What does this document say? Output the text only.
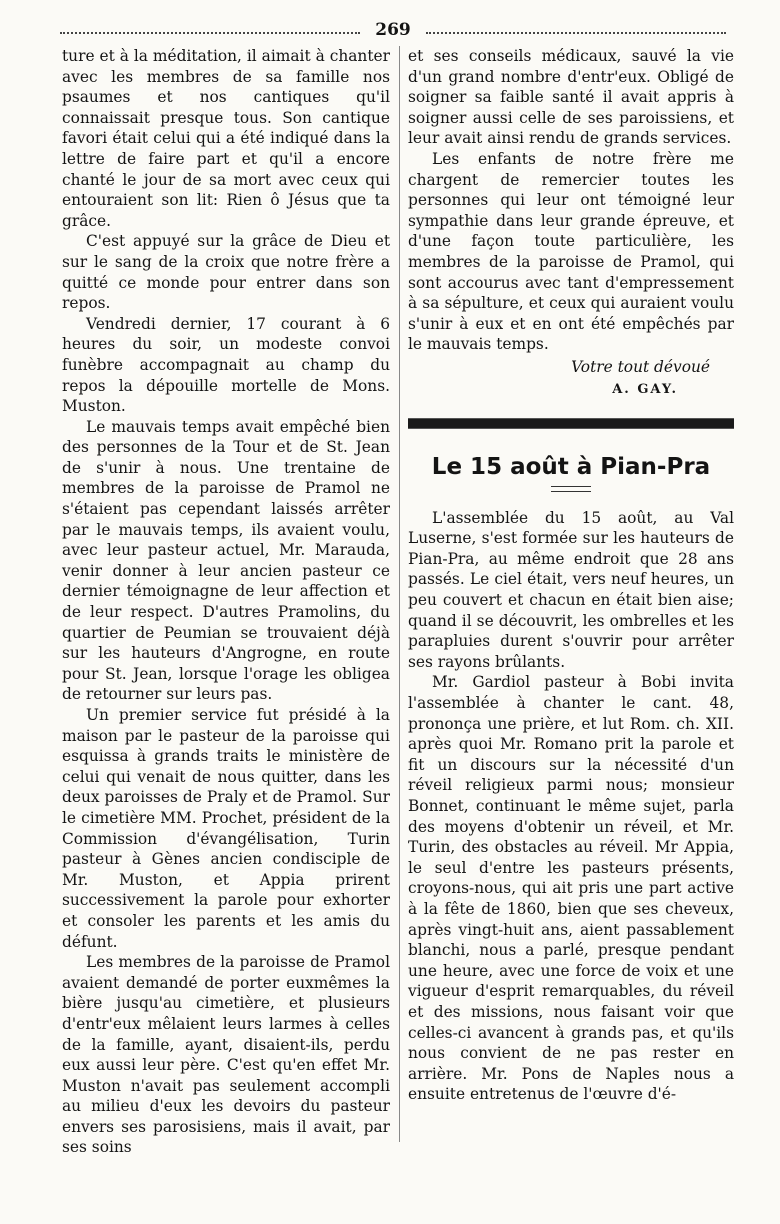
269

ture et à la méditation, il aimait à chanter avec les membres de sa famille nos psaumes et nos cantiques qu'il connaissait presque tous. Son cantique favori était celui qui a été indiqué dans la lettre de faire part et qu'il a encore chanté le jour de sa mort avec ceux qui entouraient son lit: Rien ô Jésus que ta grâce.

C'est appuyé sur la grâce de Dieu et sur le sang de la croix que notre frère a quitté ce monde pour entrer dans son repos.

Vendredi dernier, 17 courant à 6 heures du soir, un modeste convoi funèbre accompagnait au champ du repos la dépouille mortelle de Mons. Muston.

Le mauvais temps avait empêché bien des personnes de la Tour et de St. Jean de s'unir à nous. Une trentaine de membres de la paroisse de Pramol ne s'étaient pas cependant laissés arrêter par le mauvais temps, ils avaient voulu, avec leur pasteur actuel, Mr. Marauda, venir donner à leur ancien pasteur ce dernier témoignagne de leur affection et de leur respect. D'autres Pramolins, du quartier de Peumian se trouvaient déjà sur les hauteurs d'Angrogne, en route pour St. Jean, lorsque l'orage les obligea de retourner sur leurs pas.

Un premier service fut présidé à la maison par le pasteur de la paroisse qui esquissa à grands traits le ministère de celui qui venait de nous quitter, dans les deux paroisses de Praly et de Pramol. Sur le cimetière MM. Prochet, président de la Commission d'évangélisation, Turin pasteur à Gènes ancien condisciple de Mr. Muston, et Appia prirent successivement la parole pour exhorter et consoler les parents et les amis du défunt.

Les membres de la paroisse de Pramol avaient demandé de porter euxmêmes la bière jusqu'au cimetière, et plusieurs d'entr'eux mêlaient leurs larmes à celles de la famille, ayant, disaient-ils, perdu eux aussi leur père. C'est qu'en effet Mr. Muston n'avait pas seulement accompli au milieu d'eux les devoirs du pasteur envers ses parosisiens, mais il avait, par ses soins

et ses conseils médicaux, sauvé la vie d'un grand nombre d'entr'eux. Obligé de soigner sa faible santé il avait appris à soigner aussi celle de ses paroissiens, et leur avait ainsi rendu de grands services.

Les enfants de notre frère me chargent de remercier toutes les personnes qui leur ont témoigné leur sympathie dans leur grande épreuve, et d'une façon toute particulière, les membres de la paroisse de Pramol, qui sont accourus avec tant d'empressement à sa sépulture, et ceux qui auraient voulu s'unir à eux et en ont été empêchés par le mauvais temps.

Votre tout dévoué
A. GAY.
Le 15 août à Pian-Pra

L'assemblée du 15 août, au Val Luserne, s'est formée sur les hauteurs de Pian-Pra, au même endroit que 28 ans passés. Le ciel était, vers neuf heures, un peu couvert et chacun en était bien aise; quand il se découvrit, les ombrelles et les parapluies durent s'ouvrir pour arrêter ses rayons brûlants.

Mr. Gardiol pasteur à Bobi invita l'assemblée à chanter le cant. 48, prononça une prière, et lut Rom. ch. XII. après quoi Mr. Romano prit la parole et fit un discours sur la nécessité d'un réveil religieux parmi nous; monsieur Bonnet, continuant le même sujet, parla des moyens d'obtenir un réveil, et Mr. Turin, des obstacles au réveil. Mr Appia, le seul d'entre les pasteurs présents, croyons-nous, qui ait pris une part active à la fête de 1860, bien que ses cheveux, après vingt-huit ans, aient passablement blanchi, nous a parlé, presque pendant une heure, avec une force de voix et une vigueur d'esprit remarquables, du réveil et des missions, nous faisant voir que celles-ci avancent à grands pas, et qu'ils nous convient de ne pas rester en arrière. Mr. Pons de Naples nous a ensuite entretenus de l'œuvre d'é-
